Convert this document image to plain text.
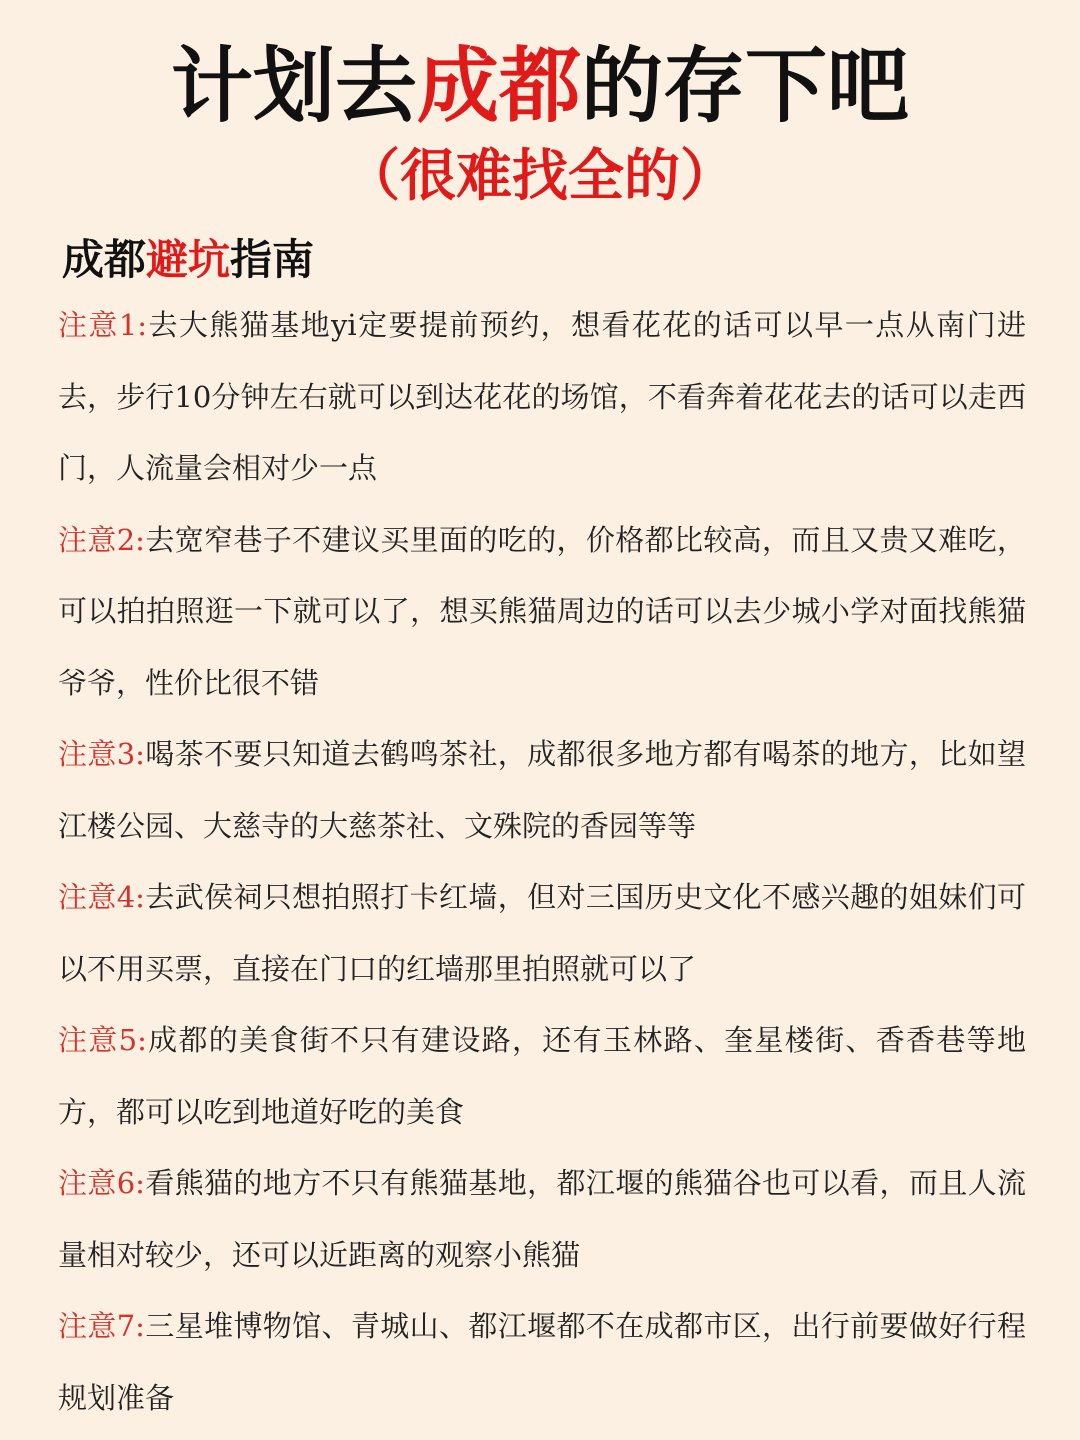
计划去成都的存下吧
（很难找全的）
成都避坑指南

注意1:去大熊猫基地yi定要提前预约，想看花花的话可以早一点从南门进去，步行10分钟左右就可以到达花花的场馆，不看奔着花花去的话可以走西门，人流量会相对少一点

注意2:去宽窄巷子不建议买里面的吃的，价格都比较高，而且又贵又难吃，可以拍拍照逛一下就可以了，想买熊猫周边的话可以去少城小学对面找熊猫爷爷，性价比很不错

注意3:喝茶不要只知道去鹤鸣茶社，成都很多地方都有喝茶的地方，比如望江楼公园、大慈寺的大慈茶社、文殊院的香园等等

注意4:去武侯祠只想拍照打卡红墙，但对三国历史文化不感兴趣的姐妹们可以不用买票，直接在门口的红墙那里拍照就可以了

注意5:成都的美食街不只有建设路，还有玉林路、奎星楼街、香香巷等地方，都可以吃到地道好吃的美食

注意6:看熊猫的地方不只有熊猫基地，都江堰的熊猫谷也可以看，而且人流量相对较少，还可以近距离的观察小熊猫

注意7:三星堆博物馆、青城山、都江堰都不在成都市区，出行前要做好行程规划准备
